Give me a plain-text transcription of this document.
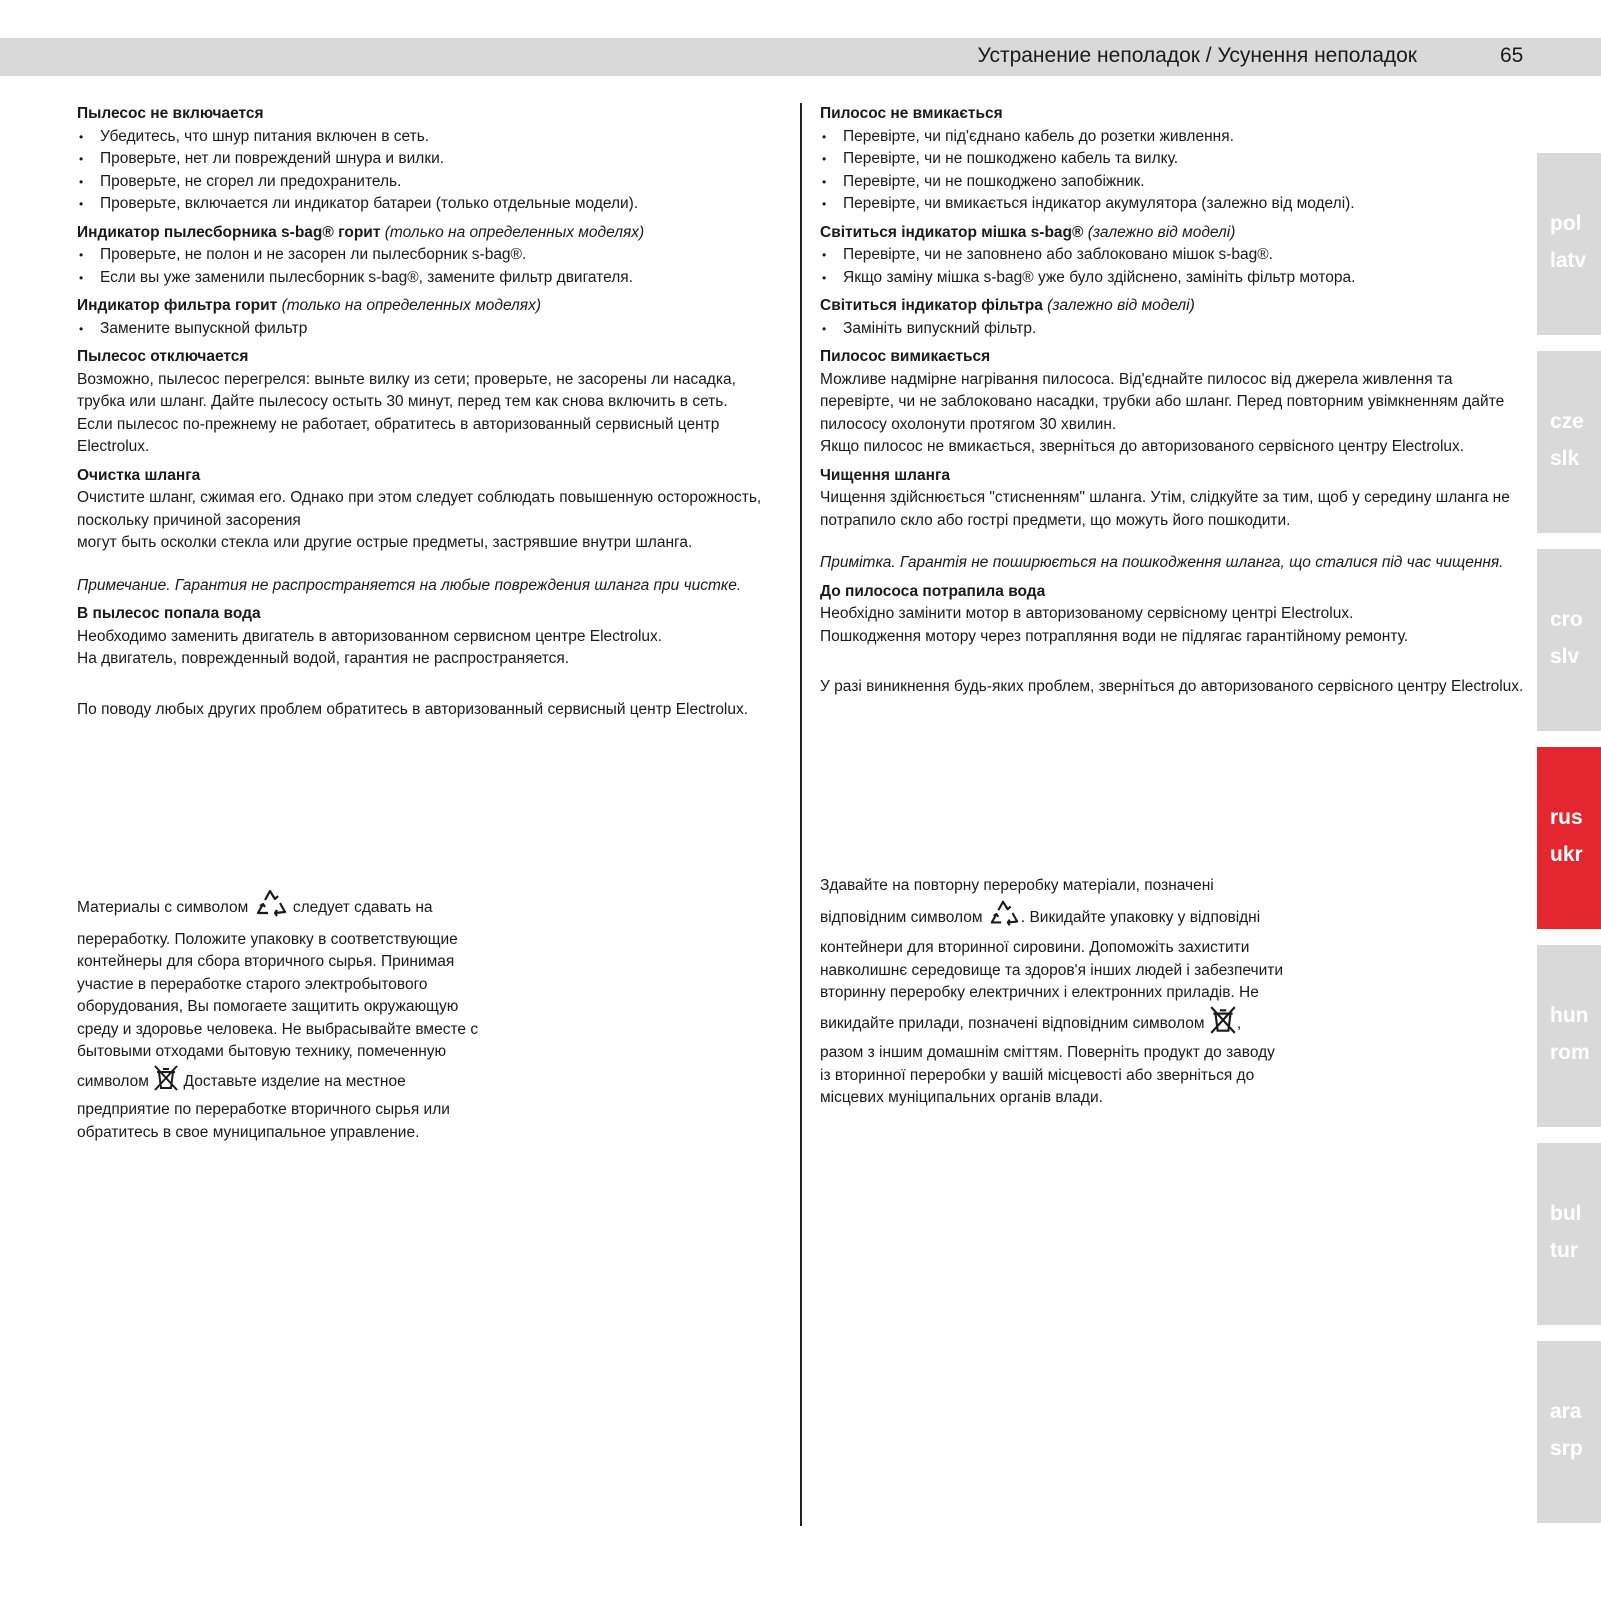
Устранение неполадок / Усунення неполадок	65
Пылесос не включается
• Убедитесь, что шнур питания включен в сеть.
• Проверьте, нет ли повреждений шнура и вилки.
• Проверьте, не сгорел ли предохранитель.
• Проверьте, включается ли индикатор батареи (только отдельные модели).
Индикатор пылесборника s-bag® горит (только на определенных моделях)
• Проверьте, не полон и не засорен ли пылесборник s-bag®.
• Если вы уже заменили пылесборник s-bag®, замените фильтр двигателя.
Индикатор фильтра горит (только на определенных моделях)
• Замените выпускной фильтр
Пылесос отключается

Возможно, пылесос перегрелся: выньте вилку из сети; проверьте, не засорены ли насадка, трубка или шланг. Дайте пылесосу остыть 30 минут, перед тем как снова включить в сеть.

Если пылесос по-прежнему не работает, обратитесь в авторизованный сервисный центр Electrolux.

Очистка шланга

Очистите шланг, сжимая его. Однако при этом следует соблюдать повышенную осторожность, поскольку причиной засорения

могут быть осколки стекла или другие острые предметы, застрявшие внутри шланга.

Примечание. Гарантия не распространяется на любые повреждения шланга при чистке.

В пылесос попала вода

Необходимо заменить двигатель в авторизованном сервисном центре Electrolux.

На двигатель, поврежденный водой, гарантия не распространяется.

По поводу любых других проблем обратитесь в авторизованный сервисный центр Electrolux.

Материалы с символом	следует сдавать на переработку. Положите упаковку в соответствующие контейнеры для сбора вторичного сырья. Принимая участие в переработке старого электробытового оборудования, Вы помогаете защитить окружающую среду и здоровье человека. Не выбрасывайте вместе с бытовыми отходами бытовую технику, помеченную символом Доставьте изделие на местное предприятие по переработке вторичного сырья или обратитесь в свое муниципальное управление.
Пилосос не вмикається
• Перевірте, чи під'єднано кабель до розетки живлення.
• Перевірте, чи не пошкоджено кабель та вилку.
• Перевірте, чи не пошкоджено запобіжник.
• Перевірте, чи вмикається індикатор акумулятора (залежно від моделі).
Світиться індикатор мішка s-bag® (залежно від моделі)
• Перевірте, чи не заповнено або заблоковано мішок s-bag®.
• Якщо заміну мішка s-bag® уже було здійснено, замініть фільтр мотора.
Світиться індикатор фільтра (залежно від моделі)
• Замініть випускний фільтр.
Пилосос вимикається

Можливе надмірне нагрівання пилососа. Від'єднайте пилосос від джерела живлення та перевірте, чи не заблоковано насадки, трубки або шланг. Перед повторним увімкненням дайте пилососу охолонути протягом 30 хвилин.

Якщо пилосос не вмикається, зверніться до авторизованого сервісного центру Electrolux.

Чищення шланга

Чищення здійснюється "стисненням" шланга. Утім, слідкуйте за тим, щоб у середину шланга не потрапило скло або гострі предмети, що можуть його пошкодити.

Примітка. Гарантія не поширюється на пошкодження шланга, що сталися під час чищення.

До пилососа потрапила вода

Необхідно замінити мотор в авторизованому сервісному центрі Electrolux.

Пошкодження мотору через потрапляння води не підлягає гарантійному ремонту.

У разі виникнення будь-яких проблем, зверніться до авторизованого сервісного центру Electrolux.

Здавайте на повторну переробку матеріали, позначені відповідним символом . Викидайте упаковку у відповідні контейнери для вторинної сировини. Допоможіть захистити навколишнє середовище та здоров'я інших людей і забезпечити вторинну переробку електричних і електронних приладів. Не викидайте прилади, позначені відповідним символом , разом з іншим домашнім сміттям. Поверніть продукт до заводу із вторинної переробки у вашій місцевості або зверніться до місцевих муніципальних органів влади.
pol
latv
cze
slk
cro
slv
rus
ukr
hun
rom
bul
tur
ara
srp
